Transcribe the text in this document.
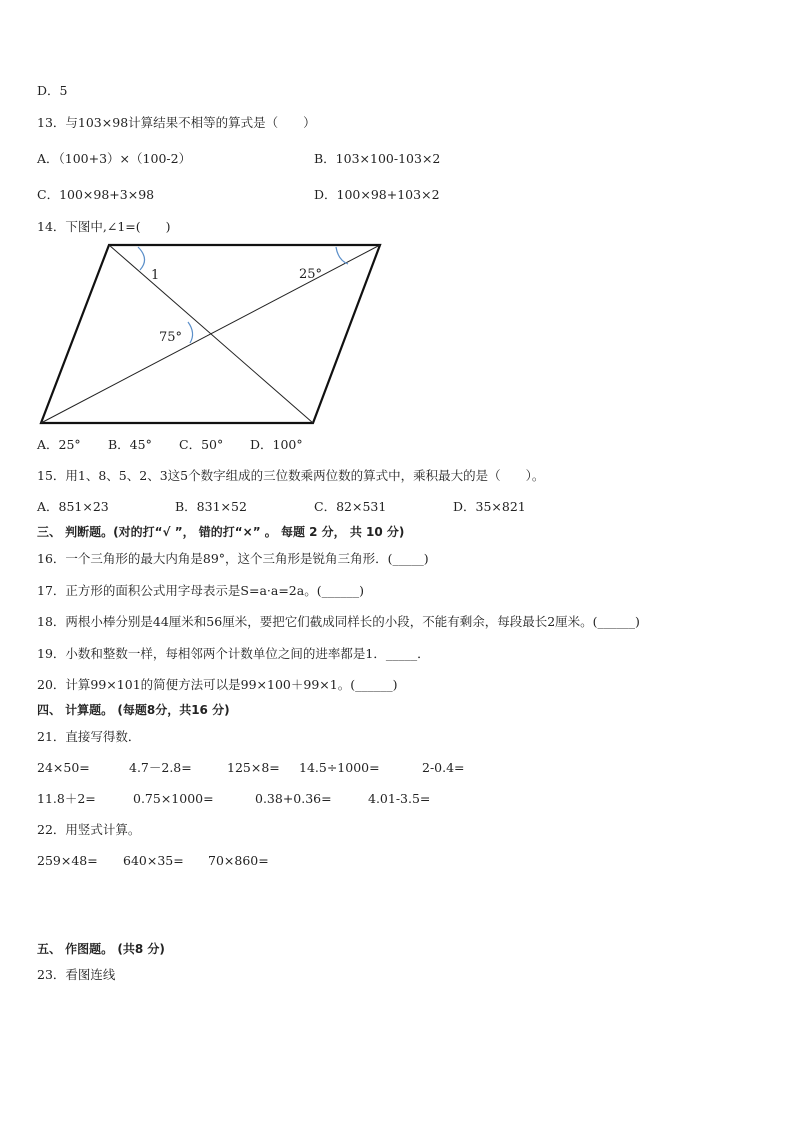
D．5
13．与103×98计算结果不相等的算式是（　　）
A．（100+3）×（100-2）	B．103×100-103×2
C．100×98+3×98	D．100×98+103×2
14．下图中,∠1=(　　)
1	25°
75°
A．25° B．45° C．50° D．100°
15．用1、8、5、2、3这5个数字组成的三位数乘两位数的算式中，乘积最大的是（　　）。
A．851×23	B．831×52	C．82×531	D．35×821
三、 判断题。(对的打“√ ”， 错的打“×” 。 每题 2 分， 共 10 分)
16．一个三角形的最大内角是89°，这个三角形是锐角三角形．(_____)
17．正方形的面积公式用字母表示是S=a·a=2a。(______)
18．两根小棒分别是44厘米和56厘米，要把它们截成同样长的小段，不能有剩余，每段最长2厘米。(______)
19．小数和整数一样，每相邻两个计数单位之间的进率都是1．_____．
20．计算99×101的简便方法可以是99×100＋99×1。(______)
四、 计算题。 (每题8分，共16 分)
21．直接写得数．
24×50=	4.7－2.8=	125×8= 14.5÷1000=	2-0.4=
11.8＋2=	0.75×1000=	0.38+0.36=	4.01-3.5=
22．用竖式计算。
259×48= 640×35= 70×860=
五、 作图题。 (共8 分)
23．看图连线
